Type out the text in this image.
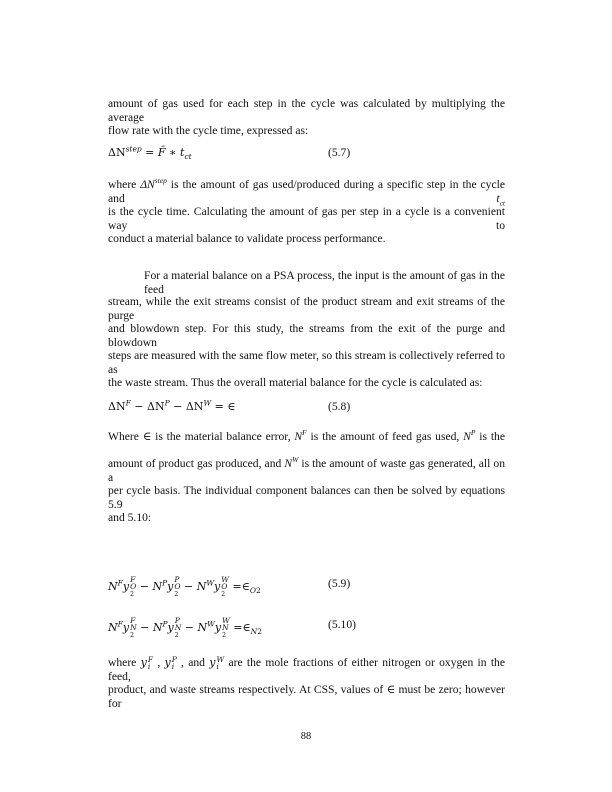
amount of gas used for each step in the cycle was calculated by multiplying the average
flow rate with the cycle time, expressed as:
$\Delta N^{step}$ = F̄ ∗ $t_{ct}$	(5.7)
where $\Delta N^{step}$ is the amount of gas used/produced during a specific step in the cycle and $t_{ct}$
is the cycle time. Calculating the amount of gas per step in a cycle is a convenient way to
conduct a material balance to validate process performance.
For a material balance on a PSA process, the input is the amount of gas in the feed
stream, while the exit streams consist of the product stream and exit streams of the purge
and blowdown step. For this study, the streams from the exit of the purge and blowdown
steps are measured with the same flow meter, so this stream is collectively referred to as
the waste stream. Thus the overall material balance for the cycle is calculated as:
$\Delta N^F - \Delta N^P - \Delta N^W$ = ∈	(5.8)
Where ∈ is the material balance error, $N^F$ is the amount of feed gas used, $N^P$ is the
amount of product gas produced, and $N^W$ is the amount of waste gas generated, all on a
per cycle basis. The individual component balances can then be solved by equations 5.9
and 5.10:
$N^Fy$
F
O
2
− $N^Py$
P
O
2
− $N^Wy$
W
O
2
$=\in_{O2}$
(5.9)
$N^Fy$
F
N
2
− $N^Py$
P
N
2
− $N^Wy$
W
N
2
$=\in_{N2}$
(5.10)
where y F
i , y P
i , and y W
i are the mole fractions of either nitrogen or oxygen in the feed,
product, and waste streams respectively. At CSS, values of ∈ must be zero; however for
88
